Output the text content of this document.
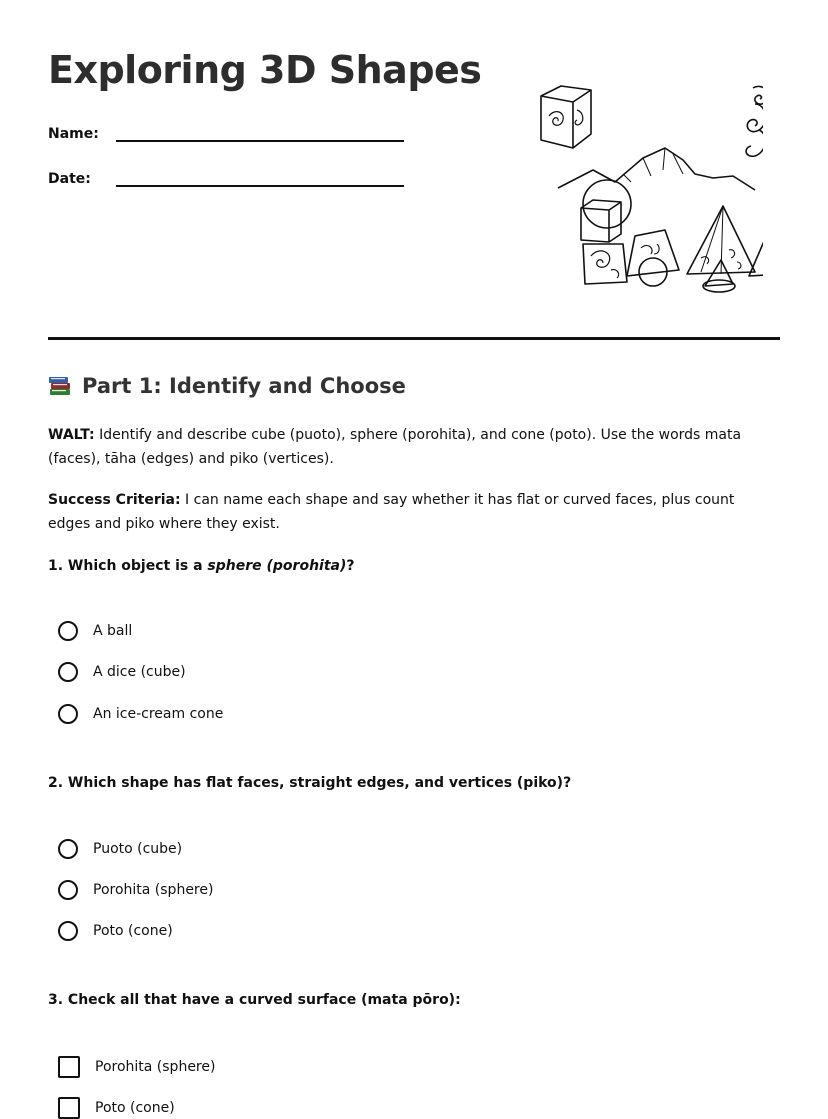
Exploring 3D Shapes
Name:
Date:
Part 1: Identify and Choose

WALT: Identify and describe cube (puoto), sphere (porohita), and cone (poto). Use the words mata (faces), tāha (edges) and piko (vertices).

Success Criteria: I can name each shape and say whether it has flat or curved faces, plus count edges and piko where they exist.

1. Which object is a sphere (porohita)?

A ball
A dice (cube)
An ice-cream cone

2. Which shape has flat faces, straight edges, and vertices (piko)?

Puoto (cube)
Porohita (sphere)
Poto (cone)

3. Check all that have a curved surface (mata pōro):

Porohita (sphere)
Poto (cone)
